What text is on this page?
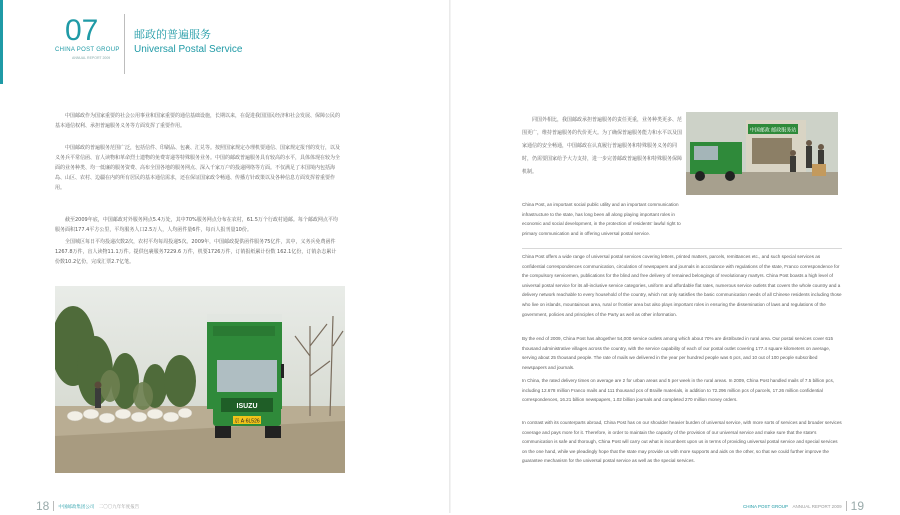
07
CHINA POST GROUP
ANNUAL REPORT 2009
邮政的普遍服务
Universal Postal Service

中国邮政作为国家重要的社会公用事业和国家重要的通信基础设施，长期以来，在促进我国国民经济和社会发展、保障公民的基本通信权利、承担普遍服务义务等方面发挥了重要作用。

中国邮政的普遍服务范围广泛，包括信件、印刷品、包裹、汇兑等。按照国家规定办理机要通信、国家规定报刊的发行，以及义务兵平常信函、盲人读物和革命烈士遗物的免费寄递等特殊服务业务。中国的邮政普遍服务具有较高的水平，具体体现在较为全面的业务种类、均一低廉的服务资费、高布全国各地的服务网点、深入千家万户的投递网络等方面。不仅满足了本国境内包括海岛、山区、农村、边疆在内的所有居民的基本通信需求，还在保证国家政令畅通、传播方针政策以及各种信息方面发挥着重要作用。

截至2009年底，中国邮政对外服务网点5.4万处，其中70%服务网点分布在农村，61.5万个行政村通邮。每个邮政网点平均服务面积177.4平方公里，平均服务人口2.5万人，人均函件量6件，每百人报刊量10份。

全国城区每日平均投递次数2次，农村平均每周投递5次。2009年，中国邮政提供函件服务75亿件，其中，义务兵免费函件1267.8万件，盲人读物11.1万件。提供包裹服务7229.6 万件，机要1726万件，订销报纸累计份数 162.1亿份，订销杂志累计份数10.2亿份，完成汇票2.7亿笔。

ISUZU
京 A·6L526

同国外相比，我国邮政承担普遍服务的责任更重，业务种类更多、范围更广，维持普遍服务的代价更大。为了确保普遍服务能力和水平以及国家通信的安全畅通，中国邮政在认真履行普遍服务和特殊服务义务的同时，仍需要国家给予大力支持，进一步完善邮政普遍服务和特殊服务保障机制。

中国邮政 邮政服务站

China Post, an important social public utility and an important communication infrastructure to the state, has long been all along playing important roles in economic and social development, in the protection of residents' lawful right to primary communication and in offering universal postal service.

China Post offers a wide range of universal postal services covering letters, printed matters, parcels, remittances etc., and such special services as confidential correspondences communication, circulation of newspapers and journals in accordance with regulations of the state, Franco correspondence for the compulsory servicemen, publications for the blind and free delivery of remained belongings of revolutionary martyrs. China Post boasts a high level of universal postal service for its all-inclusive service categories, uniform and affordable flat rates, numerous service outlets that covers the whole country and a delivery network reachable to every household of the country, which not only satisfies the basic communication needs of all Chinese residents including those who live on islands, mountainous area, rural or frontier area but also plays important roles in ensuring the dissemination of laws and regulations of the government, policies and principles of the Party as well as other information.

By the end of 2009, China Post has altogether 54,000 service outlets among which about 70% are distributed in rural area. Our postal services cover 615 thousand administrative villages across the country, with the service capability of each of our postal outlet covering 177.4 square kilometers on average, serving about 25 thousand people. The rate of mails we delivered in the year per hundred people was 6 pcs, and 10 out of 100 people subscribed newspapers and journals.

In China, the rated delivery times on average are 2 for urban areas and 5 per week in the rural areas. In 2009, China Post handled mails of 7.5 billion pcs, including 12.678 million Franco mails and 111 thousand pcs of Braille materials, in addition to 72.296 million pcs of parcels, 17.26 million confidential correspondences, 16.21 billion newspapers, 1.02 billion journals and completed 270 million money orders.

In contrast with its counterparts abroad, China Post has on our shoulder heavier burden of universal service, with more sorts of services and broader services coverage and pays more for it. Therefore, in order to maintain the capacity of the provision of our universal service and make sure that the state's communication is safe and thorough, China Post will carry out what is incumbent upon us in terms of providing universal postal service and special services on the one hand, while we pleadingly hope that the state may provide us with more supports and aids on the other, so that we could further improve the guarantee mechanism for the universal postal service as well as the special services.

18 中国邮政集团公司 二〇〇九年年度报告	CHINA POST GROUP ANNUAL REPORT 2009 19
